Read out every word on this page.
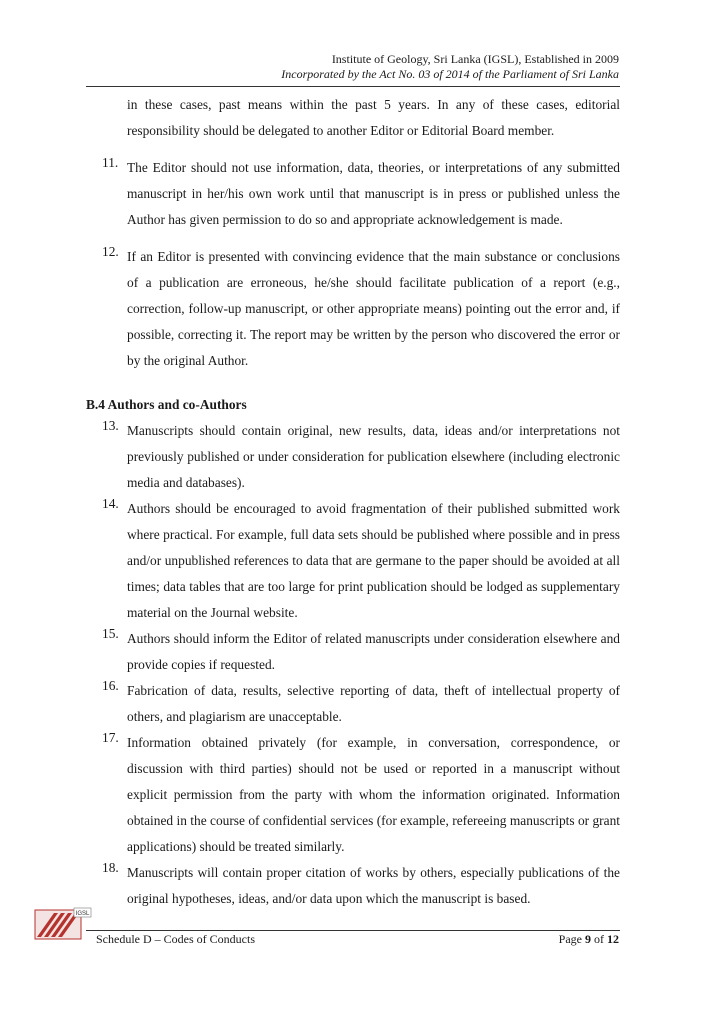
Institute of Geology, Sri Lanka (IGSL), Established in 2009
Incorporated by the Act No. 03 of 2014 of the Parliament of Sri Lanka

in these cases, past means within the past 5 years. In any of these cases, editorial responsibility should be delegated to another Editor or Editorial Board member.

11. The Editor should not use information, data, theories, or interpretations of any submitted manuscript in her/his own work until that manuscript is in press or published unless the Author has given permission to do so and appropriate acknowledgement is made.

12. If an Editor is presented with convincing evidence that the main substance or conclusions of a publication are erroneous, he/she should facilitate publication of a report (e.g., correction, follow-up manuscript, or other appropriate means) pointing out the error and, if possible, correcting it. The report may be written by the person who discovered the error or by the original Author.

B.4 Authors and co-Authors
13. Manuscripts should contain original, new results, data, ideas and/or interpretations not previously published or under consideration for publication elsewhere (including electronic media and databases).

14. Authors should be encouraged to avoid fragmentation of their published submitted work where practical. For example, full data sets should be published where possible and in press and/or unpublished references to data that are germane to the paper should be avoided at all times; data tables that are too large for print publication should be lodged as supplementary material on the Journal website.

15. Authors should inform the Editor of related manuscripts under consideration elsewhere and provide copies if requested.

16. Fabrication of data, results, selective reporting of data, theft of intellectual property of others, and plagiarism are unacceptable.

17. Information obtained privately (for example, in conversation, correspondence, or discussion with third parties) should not be used or reported in a manuscript without explicit permission from the party with whom the information originated. Information obtained in the course of confidential services (for example, refereeing manuscripts or grant applications) should be treated similarly.

18. Manuscripts will contain proper citation of works by others, especially publications of the original hypotheses, ideas, and/or data upon which the manuscript is based.

IGSL
Schedule D – Codes of Conducts	Page 9 of 12
